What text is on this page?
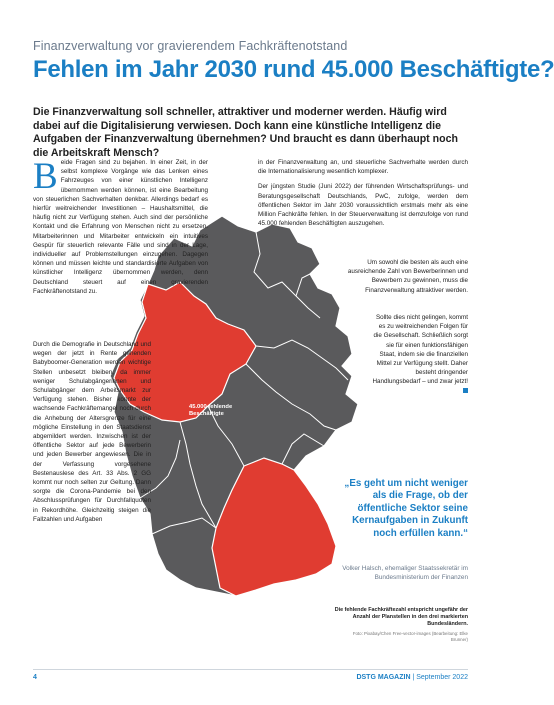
Finanzverwaltung vor gravierendem Fachkräftenotstand
Fehlen im Jahr 2030 rund 45.000 Beschäftigte?
Die Finanzverwaltung soll schneller, attraktiver und moderner werden. Häufig wird dabei auf die Digitalisierung verwiesen. Doch kann eine künstliche Intelligenz die Aufgaben der Finanzverwaltung übernehmen? Und braucht es dann überhaupt noch die Arbeitskraft Mensch?
45.000 fehlende Beschäftigte

Beide Fragen sind zu bejahen. In einer Zeit, in der selbst komplexe Vorgänge wie das Lenken eines Fahrzeuges von einer künstlichen Intelligenz übernommen werden können, ist eine Bearbeitung von steuerlichen Sachverhalten denkbar. Allerdings bedarf es hierfür weitreichender Investitionen – Haushaltsmittel, die häufig nicht zur Verfügung stehen. Auch sind der persönliche Kontakt und die Erfahrung von Menschen nicht zu ersetzen. Mitarbeiterinnen und Mitarbeiter entwickeln ein intuitives Gespür für steuerlich relevante Fälle und sind in der Lage, individueller auf Problemstellungen einzugehen. Dagegen können und müssen leichte und standardisierte Aufgaben von künstlicher Intelligenz übernommen werden, denn Deutschland steuert auf einen gravierenden Fachkräftenotstand zu.

Durch die Demografie in Deutschland und wegen der jetzt in Rente gehenden Babyboomer-Generation werden wichtige Stellen unbesetzt bleiben, da immer weniger Schulabgängerinnen und Schulabgänger dem Arbeitsmarkt zur Verfügung stehen. Bisher konnte der wachsende Fachkräftemangel noch durch die Anhebung der Altersgrenze für eine mögliche Einstellung in den Staatsdienst abgemildert werden. Inzwischen ist der öffentliche Sektor auf jede Bewerberin und jeden Bewerber angewiesen. Die in der Verfassung vorgesehene Bestenauslese des Art. 33 Abs. 2 GG kommt nur noch selten zur Geltung. Dann sorgte die Corona-Pandemie bei den Abschlussprüfungen für Durchfallquoten in Rekordhöhe. Gleichzeitig steigen die Fallzahlen und Aufgaben

in der Finanzverwaltung an, und steuerliche Sachverhalte werden durch die Internationalisierung wesentlich komplexer.

Der jüngsten Studie (Juni 2022) der führenden Wirtschaftsprüfungs- und Beratungsgesellschaft Deutschlands, PwC, zufolge, werden dem öffentlichen Sektor im Jahr 2030 voraussichtlich erstmals mehr als eine Million Fachkräfte fehlen. In der Steuerverwaltung ist demzufolge von rund 45.000 fehlenden Beschäftigten auszugehen.

Um sowohl die besten als auch eine ausreichende Zahl von Bewerberinnen und Bewerbern zu gewinnen, muss die Finanzverwaltung attraktiver werden.
Sollte dies nicht gelingen, kommt es zu weitreichenden Folgen für die Gesellschaft. Schließlich sorgt sie für einen funktionsfähigen Staat, indem sie die finanziellen Mittel zur Verfügung stellt. Daher besteht dringender Handlungsbedarf – und zwar jetzt!
„Es geht um nicht weniger als die Frage, ob der öffentliche Sektor seine Kernaufgaben in Zukunft noch erfüllen kann.“
Volker Halsch, ehemaliger Staatssekretär im Bundesministerium der Finanzen
Die fehlende Fachkräftezahl entspricht ungefähr der Anzahl der Planstellen in den drei markierten Bundesländern.
Foto: Pixabay/Chen Free-vector-images (Bearbeitung: Elke Brunner)
4	DSTG MAGAZIN | September 2022
